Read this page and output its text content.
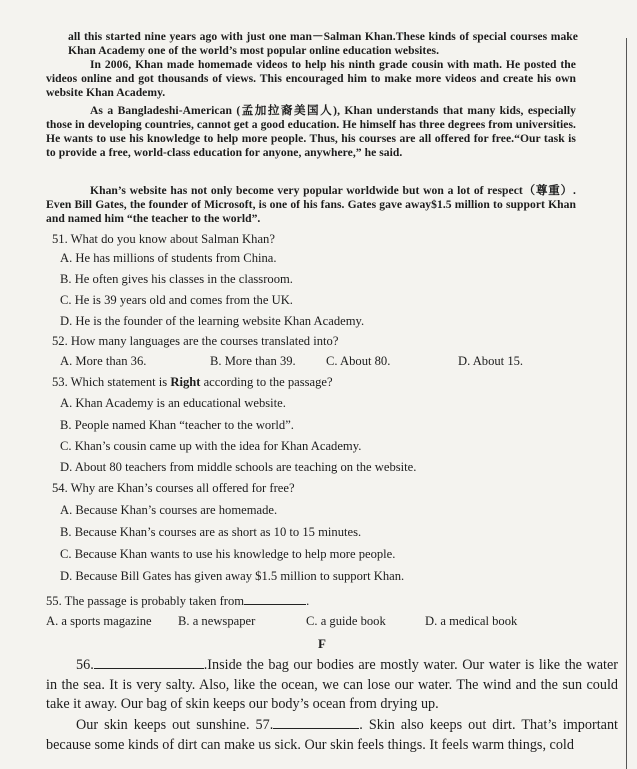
all this started nine years ago with just one man－Salman Khan.These kinds of special courses make Khan Academy one of the world’s most popular online education websites.
In 2006, Khan made homemade videos to help his ninth grade cousin with math. He posted the videos online and got thousands of views. This encouraged him to make more videos and create his own website Khan Academy.
As a Bangladeshi-American (孟加拉裔美国人), Khan understands that many kids, especially those in developing countries, cannot get a good education. He himself has three degrees from universities. He wants to use his knowledge to help more people. Thus, his courses are all offered for free.“Our task is to provide a free, world-class education for anyone, anywhere,” he said.
Khan’s website has not only become very popular worldwide but won a lot of respect（尊重）. Even Bill Gates, the founder of Microsoft, is one of his fans. Gates gave away$1.5 million to support Khan and named him “the teacher to the world”.
51. What do you know about Salman Khan?
A. He has millions of students from China.
B. He often gives his classes in the classroom.
C. He is 39 years old and comes from the UK.
D. He is the founder of the learning website Khan Academy.
52. How many languages are the courses translated into?
A. More than 36.	B. More than 39. C. About 80.	D. About 15.
53. Which statement is Right according to the passage?
A. Khan Academy is an educational website.
B. People named Khan “teacher to the world”.
C. Khan’s cousin came up with the idea for Khan Academy.
D. About 80 teachers from middle schools are teaching on the website.
54. Why are Khan’s courses all offered for free?
A. Because Khan’s courses are homemade.
B. Because Khan’s courses are as short as 10 to 15 minutes.
C. Because Khan wants to use his knowledge to help more people.
D. Because Bill Gates has given away $1.5 million to support Khan.
55. The passage is probably taken from	.
A. a sports magazine B. a newspaper	C. a guide book	D. a medical book
F
56.	.Inside the bag our bodies are mostly water. Our water is like the water in the sea. It is very salty. Also, like the ocean, we can lose our water. The wind and the sun could take it away. Our bag of skin keeps our body’s ocean from drying up.
Our skin keeps out sunshine. 57.	. Skin also keeps out dirt. That’s important because some kinds of dirt can make us sick. Our skin feels things. It feels warm things, cold
